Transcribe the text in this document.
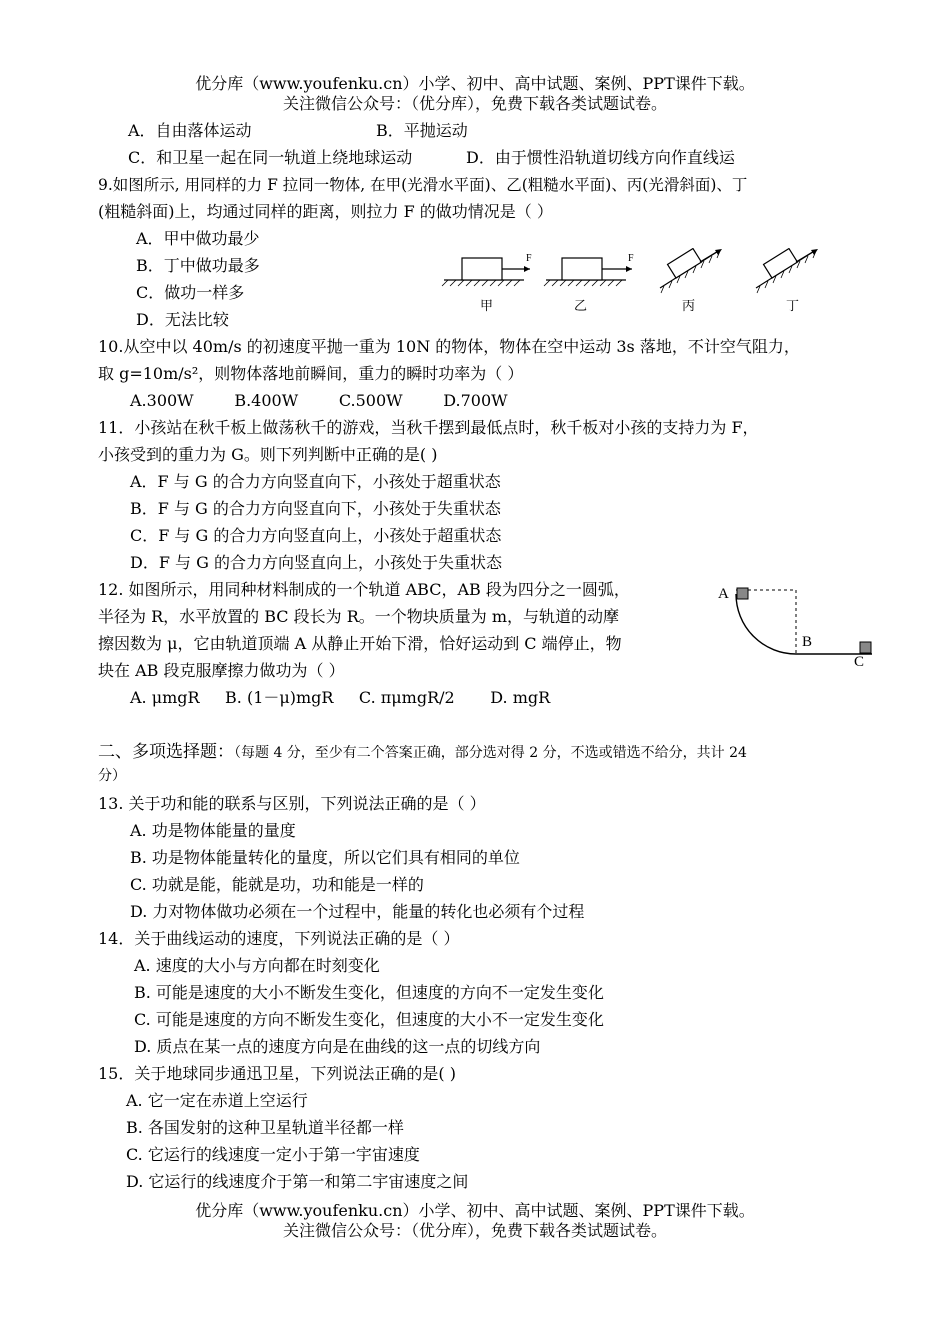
优分库（www.youfenku.cn）小学、初中、高中试题、案例、PPT课件下载。
关注微信公众号：（优分库），免费下载各类试题试卷。
A．自由落体运动	B．平抛运动
C．和卫星一起在同一轨道上绕地球运动	D．由于惯性沿轨道切线方向作直线运
9.如图所示, 用同样的力 F 拉同一物体, 在甲(光滑水平面)、乙(粗糙水平面)、丙(光滑斜面)、丁
(粗糙斜面)上，均通过同样的距离，则拉力 F 的做功情况是（ ）
A．甲中做功最少
B．丁中做功最多
C．做功一样多
D．无法比较
F
甲
F
乙	丙	丁
10.从空中以 40m/s 的初速度平抛一重为 10N 的物体，物体在空中运动 3s 落地，不计空气阻力，
取 g=10m/s²，则物体落地前瞬间，重力的瞬时功率为（ ）
A.300W        B.400W        C.500W        D.700W
11．小孩站在秋千板上做荡秋千的游戏，当秋千摆到最低点时，秋千板对小孩的支持力为 F，
小孩受到的重力为 G。则下列判断中正确的是( )
A．F 与 G 的合力方向竖直向下，小孩处于超重状态
B．F 与 G 的合力方向竖直向下，小孩处于失重状态
C．F 与 G 的合力方向竖直向上，小孩处于超重状态
D．F 与 G 的合力方向竖直向上，小孩处于失重状态
12. 如图所示，用同种材料制成的一个轨道 ABC，AB 段为四分之一圆弧，
半径为 R，水平放置的 BC 段长为 R。一个物块质量为 m，与轨道的动摩
擦因数为 μ，它由轨道顶端 A 从静止开始下滑，恰好运动到 C 端停止，物
块在 AB 段克服摩擦力做功为（ ）
A. μmgR     B. (1－μ)mgR     C. πμmgR/2       D. mgR
A
B
C
二、多项选择题：（每题 4 分，至少有二个答案正确，部分选对得 2 分，不选或错选不给分，共计 24
分）
13. 关于功和能的联系与区别，下列说法正确的是（ ）
A. 功是物体能量的量度
B. 功是物体能量转化的量度，所以它们具有相同的单位
C. 功就是能，能就是功，功和能是一样的
D. 力对物体做功必须在一个过程中，能量的转化也必须有个过程
14．关于曲线运动的速度，下列说法正确的是（ ）
A. 速度的大小与方向都在时刻变化
B. 可能是速度的大小不断发生变化，但速度的方向不一定发生变化
C. 可能是速度的方向不断发生变化，但速度的大小不一定发生变化
D. 质点在某一点的速度方向是在曲线的这一点的切线方向
15．关于地球同步通迅卫星，下列说法正确的是( )
A. 它一定在赤道上空运行
B. 各国发射的这种卫星轨道半径都一样
C. 它运行的线速度一定小于第一宇宙速度
D. 它运行的线速度介于第一和第二宇宙速度之间
优分库（www.youfenku.cn）小学、初中、高中试题、案例、PPT课件下载。
关注微信公众号：（优分库），免费下载各类试题试卷。
